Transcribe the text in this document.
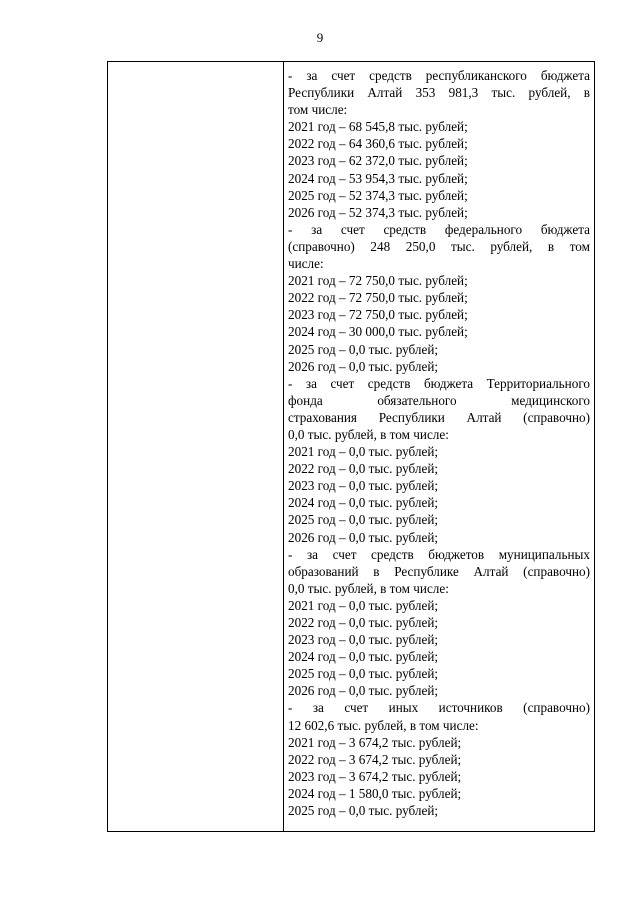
9
- за счет средств республиканского бюджета
Республики Алтай 353 981,3 тыс. рублей, в
том числе:
2021 год – 68 545,8 тыс. рублей;
2022 год – 64 360,6 тыс. рублей;
2023 год – 62 372,0 тыс. рублей;
2024 год – 53 954,3 тыс. рублей;
2025 год – 52 374,3 тыс. рублей;
2026 год – 52 374,3 тыс. рублей;
- за счет средств федерального бюджета
(справочно) 248 250,0 тыс. рублей, в том
числе:
2021 год – 72 750,0 тыс. рублей;
2022 год – 72 750,0 тыс. рублей;
2023 год – 72 750,0 тыс. рублей;
2024 год – 30 000,0 тыс. рублей;
2025 год – 0,0 тыс. рублей;
2026 год – 0,0 тыс. рублей;
- за счет средств бюджета Территориального
фонда обязательного медицинского
страхования Республики Алтай (справочно)
0,0 тыс. рублей, в том числе:
2021 год – 0,0 тыс. рублей;
2022 год – 0,0 тыс. рублей;
2023 год – 0,0 тыс. рублей;
2024 год – 0,0 тыс. рублей;
2025 год – 0,0 тыс. рублей;
2026 год – 0,0 тыс. рублей;
- за счет средств бюджетов муниципальных
образований в Республике Алтай (справочно)
0,0 тыс. рублей, в том числе:
2021 год – 0,0 тыс. рублей;
2022 год – 0,0 тыс. рублей;
2023 год – 0,0 тыс. рублей;
2024 год – 0,0 тыс. рублей;
2025 год – 0,0 тыс. рублей;
2026 год – 0,0 тыс. рублей;
- за счет иных источников (справочно)
12 602,6 тыс. рублей, в том числе:
2021 год – 3 674,2 тыс. рублей;
2022 год – 3 674,2 тыс. рублей;
2023 год – 3 674,2 тыс. рублей;
2024 год – 1 580,0 тыс. рублей;
2025 год – 0,0 тыс. рублей;
